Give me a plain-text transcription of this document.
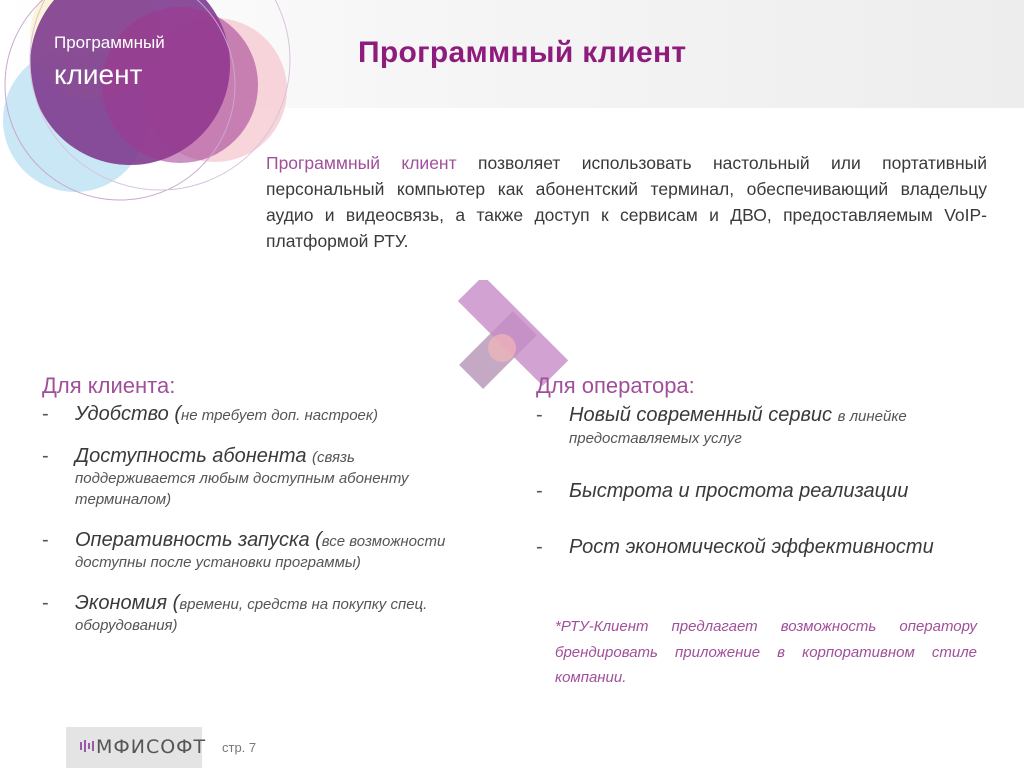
Программный
клиент
Программный клиент
Программный клиент позволяет использовать настольный или портативный персональный компьютер как абонентский терминал, обеспечивающий владельцу аудио и видеосвязь, а также доступ к сервисам и ДВО, предоставляемым VoIP-платформой РТУ.
Для клиента:
- Удобство (не требует доп. настроек)
- Доступность абонента (связь поддерживается любым доступным абоненту терминалом)
- Оперативность запуска (все возможности доступны после установки программы)
- Экономия (времени, средств на покупку спец. оборудования)
Для оператора:
- Новый современный сервис в линейке предоставляемых услуг
- Быстрота и простота реализации
- Рост экономической эффективности
*РТУ-Клиент предлагает возможность оператору брендировать приложение в корпоративном стиле компании.
МФИСОФТ стр. 7
